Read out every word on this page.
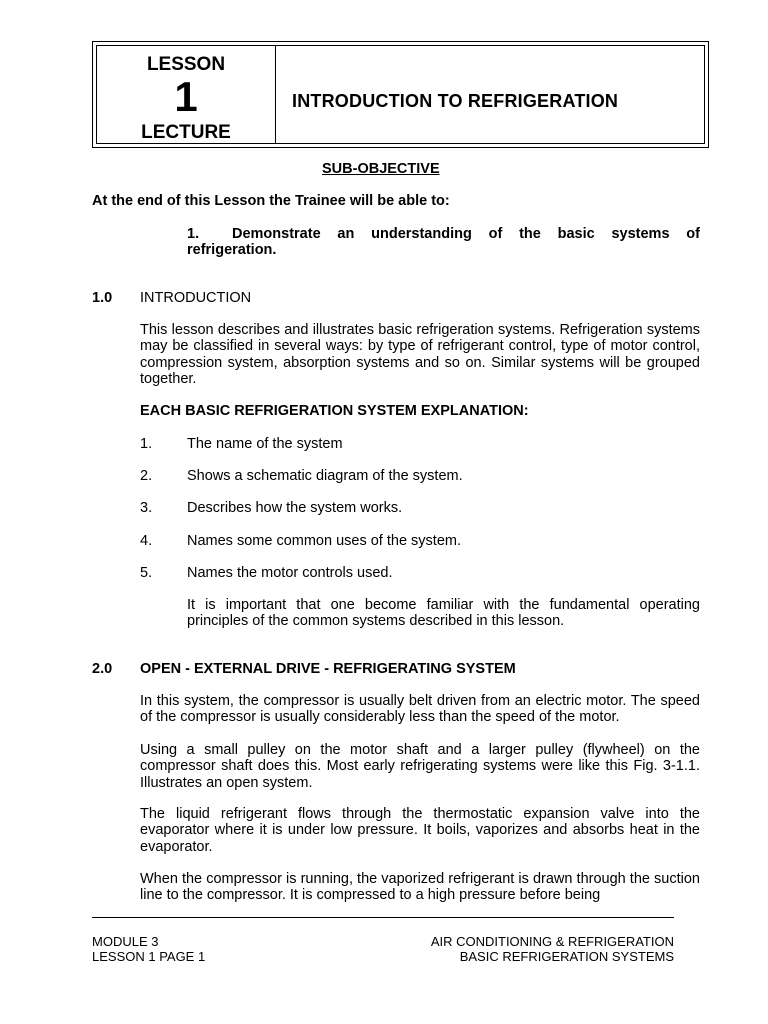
LESSON
1
LECTURE
INTRODUCTION TO REFRIGERATION
SUB-OBJECTIVE
At the end of this Lesson the Trainee will be able to:
1. Demonstrate an understanding of the basic systems of
refrigeration.
1.0 INTRODUCTION
This lesson describes and illustrates basic refrigeration systems. Refrigeration systems may be classified in several ways: by type of refrigerant control, type of motor control, compression system, absorption systems and so on. Similar systems will be grouped together.
EACH BASIC REFRIGERATION SYSTEM EXPLANATION:
1. The name of the system
2. Shows a schematic diagram of the system.
3. Describes how the system works.
4. Names some common uses of the system.
5. Names the motor controls used.
It is important that one become familiar with the fundamental operating principles of the common systems described in this lesson.
2.0 OPEN - EXTERNAL DRIVE - REFRIGERATING SYSTEM
In this system, the compressor is usually belt driven from an electric motor. The speed of the compressor is usually considerably less than the speed of the motor.
Using a small pulley on the motor shaft and a larger pulley (flywheel) on the compressor shaft does this. Most early refrigerating systems were like this Fig. 3-1.1. Illustrates an open system.
The liquid refrigerant flows through the thermostatic expansion valve into the evaporator where it is under low pressure. It boils, vaporizes and absorbs heat in the evaporator.
When the compressor is running, the vaporized refrigerant is drawn through the suction line to the compressor. It is compressed to a high pressure before being
MODULE 3
LESSON 1 PAGE 1
AIR CONDITIONING & REFRIGERATION
BASIC REFRIGERATION SYSTEMS
